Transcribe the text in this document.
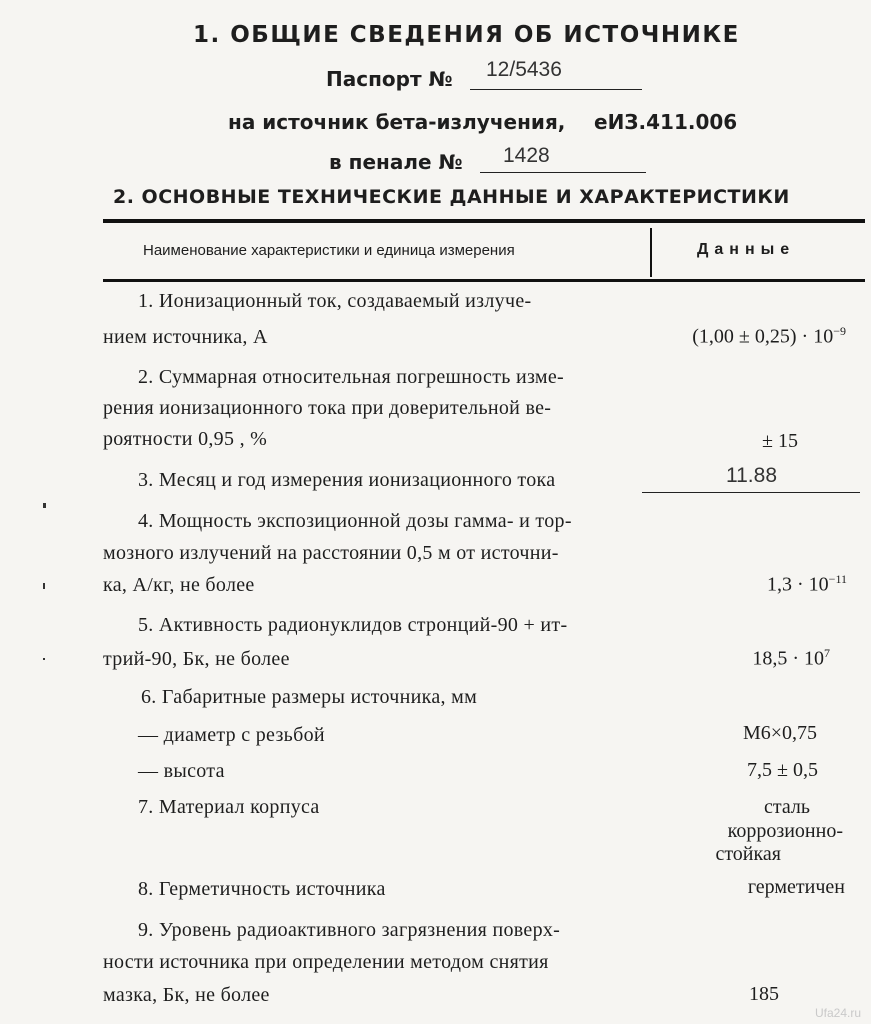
1. ОБЩИЕ СВЕДЕНИЯ ОБ ИСТОЧНИКЕ
Паспорт № 12/5436
на источник бета-излучения, еИЗ.411.006
в пенале № 1428
2. ОСНОВНЫЕ ТЕХНИЧЕСКИЕ ДАННЫЕ И ХАРАКТЕРИСТИКИ
Наименование характеристики и единица измерения	Данные
1. Ионизационный ток, создаваемый излуче-
нием источника, А	$(1,00 \pm 0,25) \cdot 10^{-9}$
2. Суммарная относительная погрешность изме-
рения ионизационного тока при доверительной ве-
роятности 0,95 , %	± 15
3. Месяц и год измерения ионизационного тока	11.88
4. Мощность экспозиционной дозы гамма- и тор-
мозного излучений на расстоянии 0,5 м от источни-
ка, А/кг, не более	$1,3 \cdot 10^{-11}$
5. Активность радионуклидов стронций-90 + ит-
трий-90, Бк, не более	$18,5 \cdot 10^7$
6. Габаритные размеры источника, мм
— диаметр с резьбой	М6×0,75
— высота	7,5 ± 0,5
7. Материал корпуса	сталь
коррозионно-
стойкая
8. Герметичность источника	герметичен
9. Уровень радиоактивного загрязнения поверх-
ности источника при определении методом снятия
мазка, Бк, не более	185
Ufa24.ru
